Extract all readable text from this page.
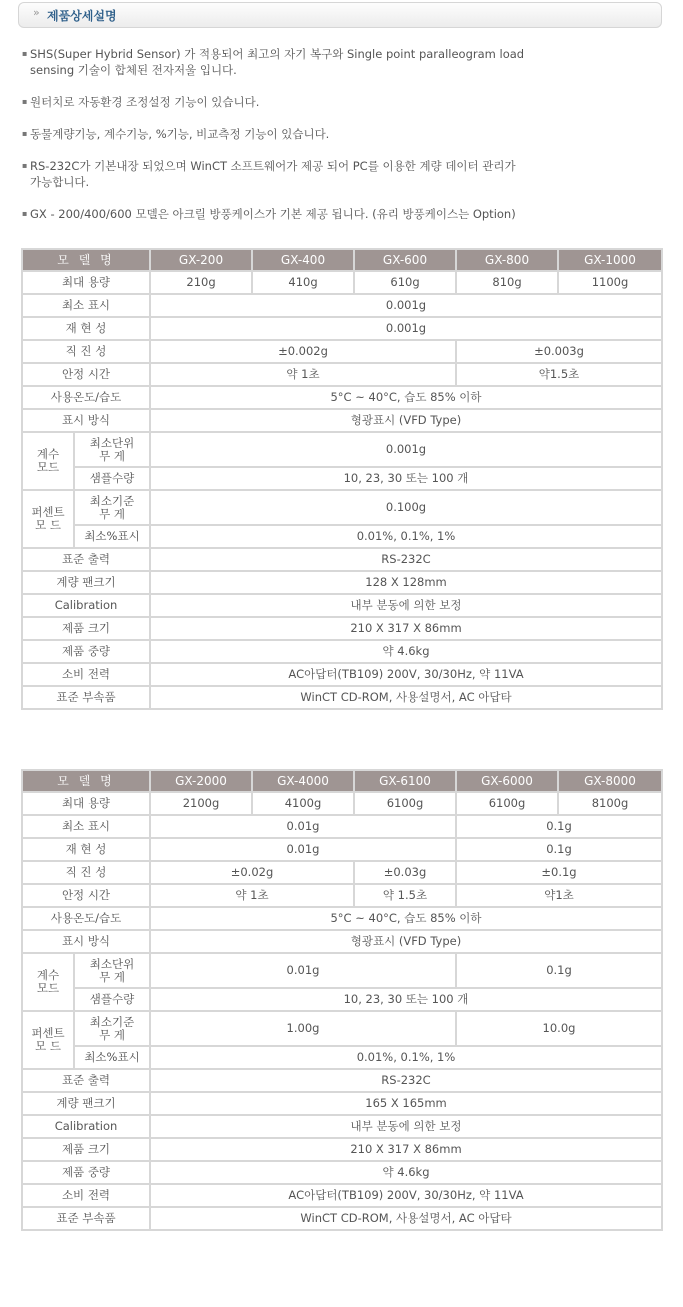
» 제품상세설명
▪ SHS(Super Hybrid Sensor) 가 적용되어 최고의 자기 복구와 Single point paralleogram load
sensing 기술이 합체된 전자저울 입니다.
▪ 원터치로 자동환경 조정설정 기능이 있습니다.
▪ 동물계량기능, 계수기능, %기능, 비교측정 기능이 있습니다.
▪ RS-232C가 기본내장 되었으며 WinCT 소프트웨어가 제공 되어 PC를 이용한 계량 데이터 관리가
가능합니다.
▪ GX - 200/400/600 모델은 아크릴 방풍케이스가 기본 제공 됩니다. (유리 방풍케이스는 Option)
모 델 명		GX-200	GX-400	GX-600	GX-800	GX-1000
최대 용량		210g	410g	610g	810g	1100g
최소 표시		0.001g				
재 현 성		0.001g				
직 진 성		±0.002g			±0.003g	
안정 시간		약 1초			약1.5초	
사용온도/습도		5°C ~ 40°C, 습도 85% 이하				
표시 방식		형광표시 (VFD Type)				
계수
모드	최소단위
무 게	0.001g				
	샘플수량	10, 23, 30 또는 100 개				
퍼센트
모 드	최소기준
무 게	0.100g				
	최소%표시	0.01%, 0.1%, 1%				
표준 출력		RS-232C				
계량 팬크기		128 X 128mm				
Calibration		내부 분동에 의한 보정				
제품 크기		210 X 317 X 86mm				
제품 중량		약 4.6kg				
소비 전력		AC아답터(TB109) 200V, 30/30Hz, 약 11VA				
표준 부속품		WinCT CD-ROM, 사용설명서, AC 아답타				
모 델 명		GX-2000	GX-4000	GX-6100	GX-6000	GX-8000
최대 용량		2100g	4100g	6100g	6100g	8100g
최소 표시		0.01g			0.1g	
재 현 성		0.01g			0.1g	
직 진 성		±0.02g		±0.03g	±0.1g	
안정 시간		약 1초		약 1.5초	약1초	
사용온도/습도		5°C ~ 40°C, 습도 85% 이하				
표시 방식		형광표시 (VFD Type)				
계수
모드	최소단위
무 게	0.01g			0.1g	
	샘플수량	10, 23, 30 또는 100 개				
퍼센트
모 드	최소기준
무 게	1.00g			10.0g	
	최소%표시	0.01%, 0.1%, 1%				
표준 출력		RS-232C				
계량 팬크기		165 X 165mm				
Calibration		내부 분동에 의한 보정				
제품 크기		210 X 317 X 86mm				
제품 중량		약 4.6kg				
소비 전력		AC아답터(TB109) 200V, 30/30Hz, 약 11VA				
표준 부속품		WinCT CD-ROM, 사용설명서, AC 아답타				
